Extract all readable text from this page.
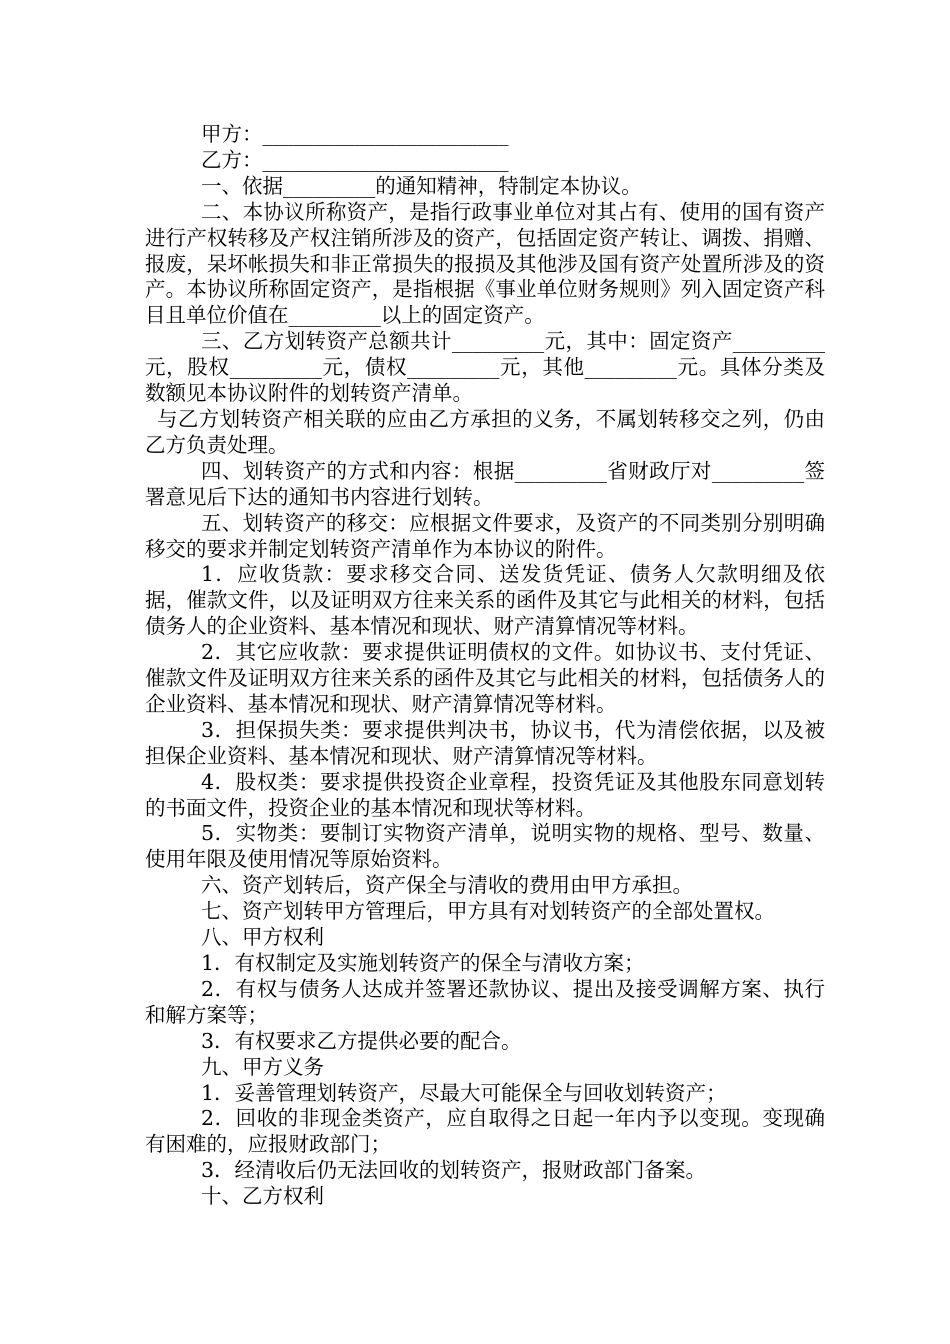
甲方：________________________

乙方：________________________

一、依据_________的通知精神，特制定本协议。

二、本协议所称资产，是指行政事业单位对其占有、使用的国有资产进行产权转移及产权注销所涉及的资产，包括固定资产转让、调拨、捐赠、报废，呆坏帐损失和非正常损失的报损及其他涉及国有资产处置所涉及的资产。本协议所称固定资产，是指根据《事业单位财务规则》列入固定资产科目且单位价值在_________以上的固定资产。

三、乙方划转资产总额共计_________元，其中：固定资产_________元，股权_________元，债权_________元，其他_________元。具体分类及数额见本协议附件的划转资产清单。

与乙方划转资产相关联的应由乙方承担的义务，不属划转移交之列，仍由乙方负责处理。

四、划转资产的方式和内容：根据_________省财政厅对_________签署意见后下达的通知书内容进行划转。

五、划转资产的移交：应根据文件要求，及资产的不同类别分别明确移交的要求并制定划转资产清单作为本协议的附件。

1．应收货款：要求移交合同、送发货凭证、债务人欠款明细及依据，催款文件，以及证明双方往来关系的函件及其它与此相关的材料，包括债务人的企业资料、基本情况和现状、财产清算情况等材料。

2．其它应收款：要求提供证明债权的文件。如协议书、支付凭证、催款文件及证明双方往来关系的函件及其它与此相关的材料，包括债务人的企业资料、基本情况和现状、财产清算情况等材料。

3．担保损失类：要求提供判决书，协议书，代为清偿依据，以及被担保企业资料、基本情况和现状、财产清算情况等材料。

4．股权类：要求提供投资企业章程，投资凭证及其他股东同意划转的书面文件，投资企业的基本情况和现状等材料。

5．实物类：要制订实物资产清单，说明实物的规格、型号、数量、使用年限及使用情况等原始资料。

六、资产划转后，资产保全与清收的费用由甲方承担。

七、资产划转甲方管理后，甲方具有对划转资产的全部处置权。

八、甲方权利

1．有权制定及实施划转资产的保全与清收方案；

2．有权与债务人达成并签署还款协议、提出及接受调解方案、执行和解方案等；

3．有权要求乙方提供必要的配合。

九、甲方义务

1．妥善管理划转资产，尽最大可能保全与回收划转资产；

2．回收的非现金类资产，应自取得之日起一年内予以变现。变现确有困难的，应报财政部门；

3．经清收后仍无法回收的划转资产，报财政部门备案。

十、乙方权利
